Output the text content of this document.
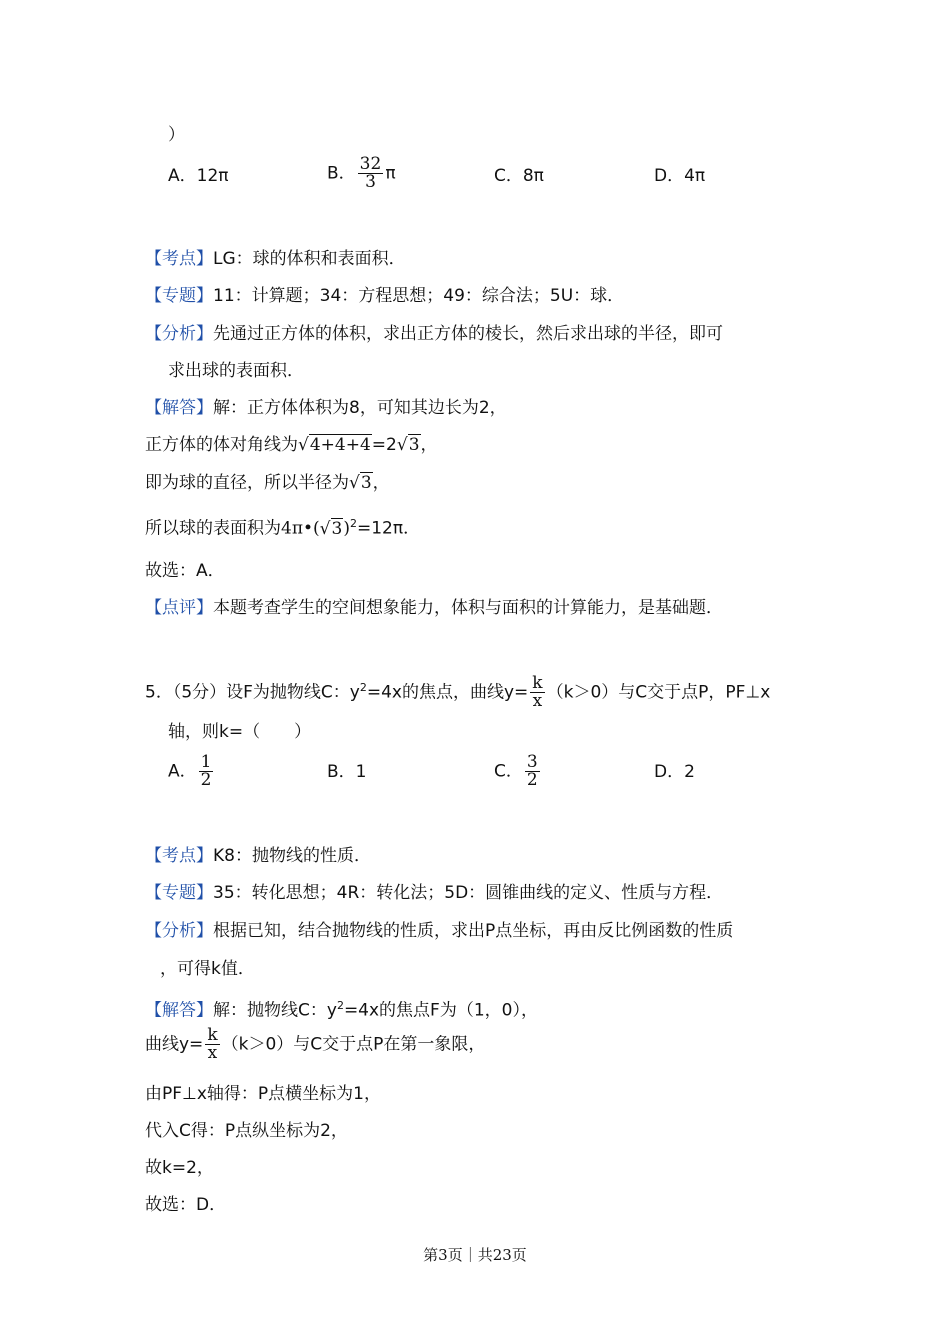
）
A．12π	B． $\frac{32}{3}$ π	C．8π	D．4π
【考点】LG：球的体积和表面积．
【专题】11：计算题；34：方程思想；49：综合法；5U：球．
【分析】先通过正方体的体积，求出正方体的棱长，然后求出球的半径，即可
求出球的表面积．
【解答】解：正方体体积为8，可知其边长为2，
正方体的体对角线为√4+4+4=2√3，
即为球的直径，所以半径为√3，
所以球的表面积为$4\pi•(√3)^2=12\pi$．
故选：A．
【点评】本题考查学生的空间想象能力，体积与面积的计算能力，是基础题．
5．（5分）设F为抛物线C：$y^2=4x$的焦点，曲线$y= \frac{k}{x} (k>0)$与C交于点P，PF⊥x
轴，则k=（　　）
A． $\frac{1}{2}$	B．1	C． $\frac{3}{2}$	D．2
【考点】K8：抛物线的性质．
【专题】35：转化思想；4R：转化法；5D：圆锥曲线的定义、性质与方程．
【分析】根据已知，结合抛物线的性质，求出P点坐标，再由反比例函数的性质
，可得k值．
【解答】解：抛物线C：$y^2=4x$的焦点F为（1，0），
曲线$y= \frac{k}{x} (k>0)$与C交于点P在第一象限，
由PF⊥x轴得：P点横坐标为1，
代入C得：P点纵坐标为2，
故k=2，
故选：D．
第3页｜共23页
